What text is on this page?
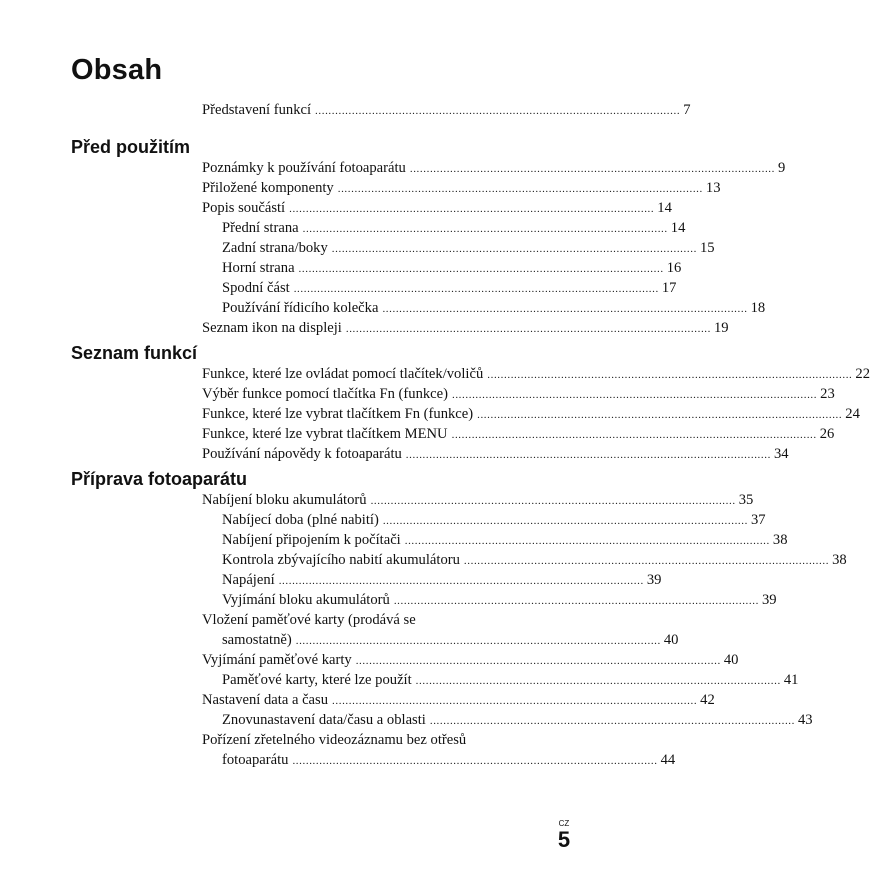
Obsah
Představení funkcí ............................................................................................................. 7
Před použitím
Poznámky k používání fotoaparátu ............................................................................................................. 9
Přiložené komponenty ............................................................................................................. 13
Popis součástí ............................................................................................................. 14
Přední strana ............................................................................................................. 14
Zadní strana/boky ............................................................................................................. 15
Horní strana ............................................................................................................. 16
Spodní část ............................................................................................................. 17
Používání řídicího kolečka ............................................................................................................. 18
Seznam ikon na displeji ............................................................................................................. 19
Seznam funkcí
Funkce, které lze ovládat pomocí tlačítek/voličů ............................................................................................................. 22
Výběr funkce pomocí tlačítka Fn (funkce) ............................................................................................................. 23
Funkce, které lze vybrat tlačítkem Fn (funkce) ............................................................................................................. 24
Funkce, které lze vybrat tlačítkem MENU ............................................................................................................. 26
Používání nápovědy k fotoaparátu ............................................................................................................. 34
Příprava fotoaparátu
Nabíjení bloku akumulátorů ............................................................................................................. 35
Nabíjecí doba (plné nabití) ............................................................................................................. 37
Nabíjení připojením k počítači ............................................................................................................. 38
Kontrola zbývajícího nabití akumulátoru ............................................................................................................. 38
Napájení ............................................................................................................. 39
Vyjímání bloku akumulátorů ............................................................................................................. 39
Vložení paměťové karty (prodává se
samostatně) ............................................................................................................. 40
Vyjímání paměťové karty ............................................................................................................. 40
Paměťové karty, které lze použít ............................................................................................................. 41
Nastavení data a času ............................................................................................................. 42
Znovunastavení data/času a oblasti ............................................................................................................. 43
Pořízení zřetelného videozáznamu bez otřesů
fotoaparátu ............................................................................................................. 44
CZ
5
